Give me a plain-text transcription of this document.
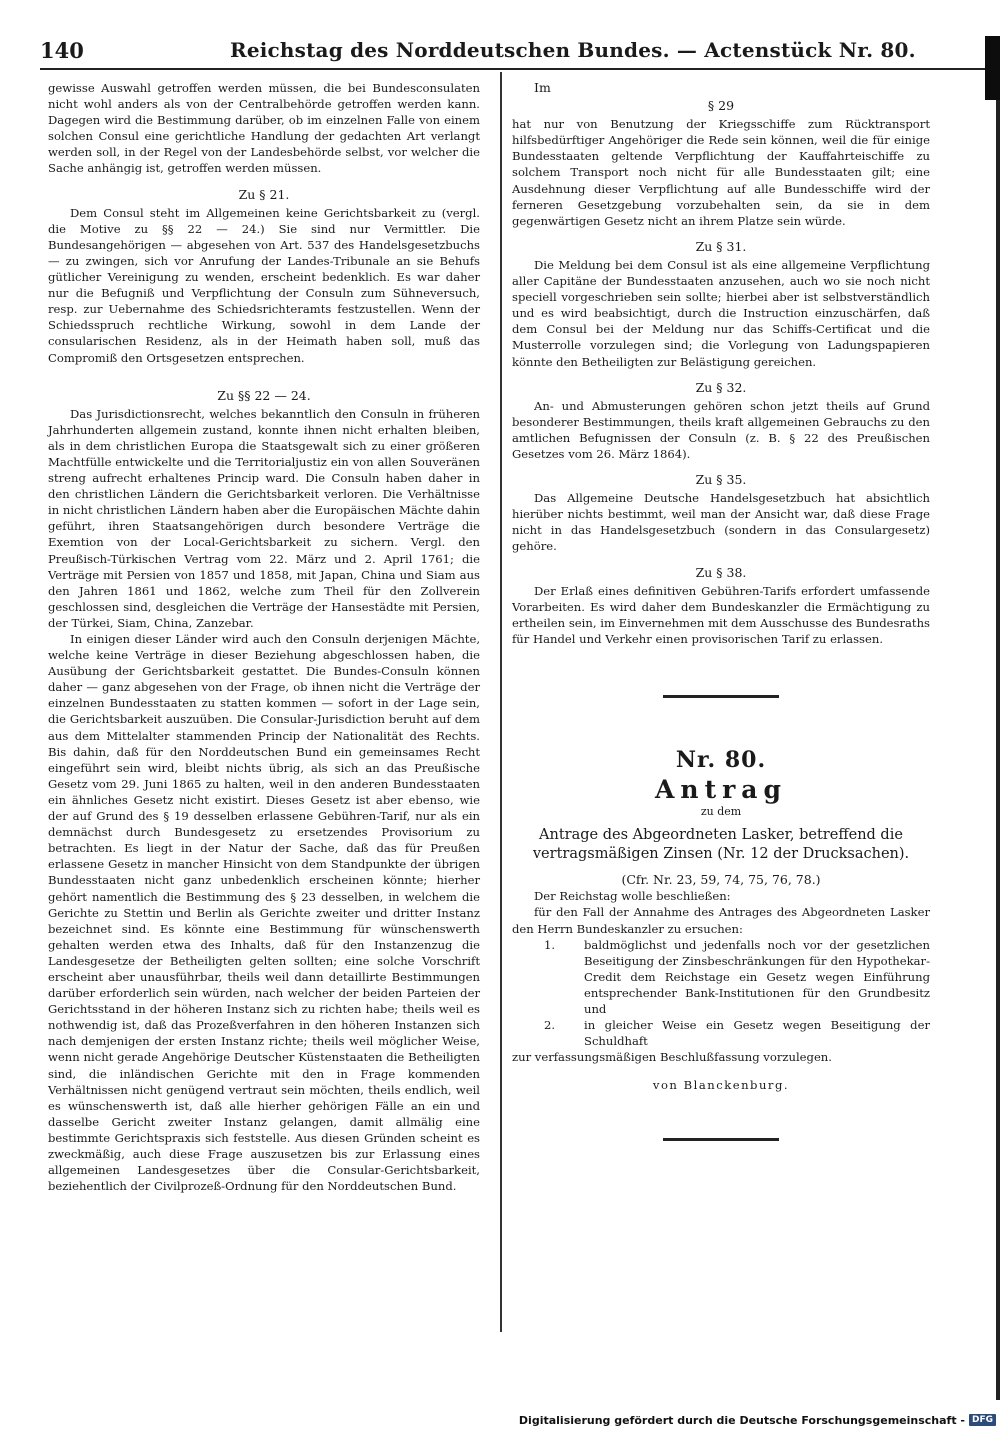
140	Reichstag des Norddeutschen Bundes. — Actenstück Nr. 80.

gewisse Auswahl getroffen werden müssen, die bei Bundesconsulaten nicht wohl anders als von der Centralbehörde getroffen werden kann. Dagegen wird die Bestimmung darüber, ob im einzelnen Falle von einem solchen Consul eine gerichtliche Handlung der gedachten Art verlangt werden soll, in der Regel von der Landesbehörde selbst, vor welcher die Sache anhängig ist, getroffen werden müssen.

Zu § 21.

Dem Consul steht im Allgemeinen keine Gerichtsbarkeit zu (vergl. die Motive zu §§ 22 — 24.) Sie sind nur Vermittler. Die Bundesangehörigen — abgesehen von Art. 537 des Handelsgesetzbuchs — zu zwingen, sich vor Anrufung der Landes-Tribunale an sie Behufs gütlicher Vereinigung zu wenden, erscheint bedenklich. Es war daher nur die Befugniß und Verpflichtung der Consuln zum Sühneversuch, resp. zur Uebernahme des Schiedsrichteramts festzustellen. Wenn der Schiedsspruch rechtliche Wirkung, sowohl in dem Lande der consularischen Residenz, als in der Heimath haben soll, muß das Compromiß den Ortsgesetzen entsprechen.

Zu §§ 22 — 24.

Das Jurisdictionsrecht, welches bekanntlich den Consuln in früheren Jahrhunderten allgemein zustand, konnte ihnen nicht erhalten bleiben, als in dem christlichen Europa die Staatsgewalt sich zu einer größeren Machtfülle entwickelte und die Territorialjustiz ein von allen Souveränen streng aufrecht erhaltenes Princip ward. Die Consuln haben daher in den christlichen Ländern die Gerichtsbarkeit verloren. Die Verhältnisse in nicht christlichen Ländern haben aber die Europäischen Mächte dahin geführt, ihren Staatsangehörigen durch besondere Verträge die Exemtion von der Local-Gerichtsbarkeit zu sichern. Vergl. den Preußisch-Türkischen Vertrag vom 22. März und 2. April 1761; die Verträge mit Persien von 1857 und 1858, mit Japan, China und Siam aus den Jahren 1861 und 1862, welche zum Theil für den Zollverein geschlossen sind, desgleichen die Verträge der Hansestädte mit Persien, der Türkei, Siam, China, Zanzebar.

In einigen dieser Länder wird auch den Consuln derjenigen Mächte, welche keine Verträge in dieser Beziehung abgeschlossen haben, die Ausübung der Gerichtsbarkeit gestattet. Die Bundes-Consuln können daher — ganz abgesehen von der Frage, ob ihnen nicht die Verträge der einzelnen Bundesstaaten zu statten kommen — sofort in der Lage sein, die Gerichtsbarkeit auszuüben. Die Consular-Jurisdiction beruht auf dem aus dem Mittelalter stammenden Princip der Nationalität des Rechts. Bis dahin, daß für den Norddeutschen Bund ein gemeinsames Recht eingeführt sein wird, bleibt nichts übrig, als sich an das Preußische Gesetz vom 29. Juni 1865 zu halten, weil in den anderen Bundesstaaten ein ähnliches Gesetz nicht existirt. Dieses Gesetz ist aber ebenso, wie der auf Grund des § 19 desselben erlassene Gebühren-Tarif, nur als ein demnächst durch Bundesgesetz zu ersetzendes Provisorium zu betrachten. Es liegt in der Natur der Sache, daß das für Preußen erlassene Gesetz in mancher Hinsicht von dem Standpunkte der übrigen Bundesstaaten nicht ganz unbedenklich erscheinen könnte; hierher gehört namentlich die Bestimmung des § 23 desselben, in welchem die Gerichte zu Stettin und Berlin als Gerichte zweiter und dritter Instanz bezeichnet sind. Es könnte eine Bestimmung für wünschenswerth gehalten werden etwa des Inhalts, daß für den Instanzenzug die Landesgesetze der Betheiligten gelten sollten; eine solche Vorschrift erscheint aber unausführbar, theils weil dann detaillirte Bestimmungen darüber erforderlich sein würden, nach welcher der beiden Parteien der Gerichtsstand in der höheren Instanz sich zu richten habe; theils weil es nothwendig ist, daß das Prozeßverfahren in den höheren Instanzen sich nach demjenigen der ersten Instanz richte; theils weil möglicher Weise, wenn nicht gerade Angehörige Deutscher Küstenstaaten die Betheiligten sind, die inländischen Gerichte mit den in Frage kommenden Verhältnissen nicht genügend vertraut sein möchten, theils endlich, weil es wünschenswerth ist, daß alle hierher gehörigen Fälle an ein und dasselbe Gericht zweiter Instanz gelangen, damit allmälig eine bestimmte Gerichtspraxis sich feststelle. Aus diesen Gründen scheint es zweckmäßig, auch diese Frage auszusetzen bis zur Erlassung eines allgemeinen Landesgesetzes über die Consular-Gerichtsbarkeit, beziehentlich der Civilprozeß-Ordnung für den Norddeutschen Bund.

Im
§ 29

hat nur von Benutzung der Kriegsschiffe zum Rücktransport hilfsbedürftiger Angehöriger die Rede sein können, weil die für einige Bundesstaaten geltende Verpflichtung der Kauffahrteischiffe zu solchem Transport noch nicht für alle Bundesstaaten gilt; eine Ausdehnung dieser Verpflichtung auf alle Bundesschiffe wird der ferneren Gesetzgebung vorzubehalten sein, da sie in dem gegenwärtigen Gesetz nicht an ihrem Platze sein würde.

Zu § 31.

Die Meldung bei dem Consul ist als eine allgemeine Verpflichtung aller Capitäne der Bundesstaaten anzusehen, auch wo sie noch nicht speciell vorgeschrieben sein sollte; hierbei aber ist selbstverständlich und es wird beabsichtigt, durch die Instruction einzuschärfen, daß dem Consul bei der Meldung nur das Schiffs-Certificat und die Musterrolle vorzulegen sind; die Vorlegung von Ladungspapieren könnte den Betheiligten zur Belästigung gereichen.

Zu § 32.

An- und Abmusterungen gehören schon jetzt theils auf Grund besonderer Bestimmungen, theils kraft allgemeinen Gebrauchs zu den amtlichen Befugnissen der Consuln (z. B. § 22 des Preußischen Gesetzes vom 26. März 1864).

Zu § 35.

Das Allgemeine Deutsche Handelsgesetzbuch hat absichtlich hierüber nichts bestimmt, weil man der Ansicht war, daß diese Frage nicht in das Handelsgesetzbuch (sondern in das Consulargesetz) gehöre.

Zu § 38.

Der Erlaß eines definitiven Gebühren-Tarifs erfordert umfassende Vorarbeiten. Es wird daher dem Bundeskanzler die Ermächtigung zu ertheilen sein, im Einvernehmen mit dem Ausschusse des Bundesraths für Handel und Verkehr einen provisorischen Tarif zu erlassen.

Nr. 80.
Antrag
zu dem
Antrage des Abgeordneten Lasker, betreffend die vertragsmäßigen Zinsen (Nr. 12 der Drucksachen).
(Cfr. Nr. 23, 59, 74, 75, 76, 78.)

Der Reichstag wolle beschließen:

für den Fall der Annahme des Antrages des Abgeordneten Lasker den Herrn Bundeskanzler zu ersuchen:

1. baldmöglichst und jedenfalls noch vor der gesetzlichen Beseitigung der Zinsbeschränkungen für den Hypothekar-Credit dem Reichstage ein Gesetz wegen Einführung entsprechender Bank-Institutionen für den Grundbesitz und
2. in gleicher Weise ein Gesetz wegen Beseitigung der Schuldhaft

zur verfassungsmäßigen Beschlußfassung vorzulegen.

von Blanckenburg.
Digitalisierung gefördert durch die Deutsche Forschungsgemeinschaft - DFG
